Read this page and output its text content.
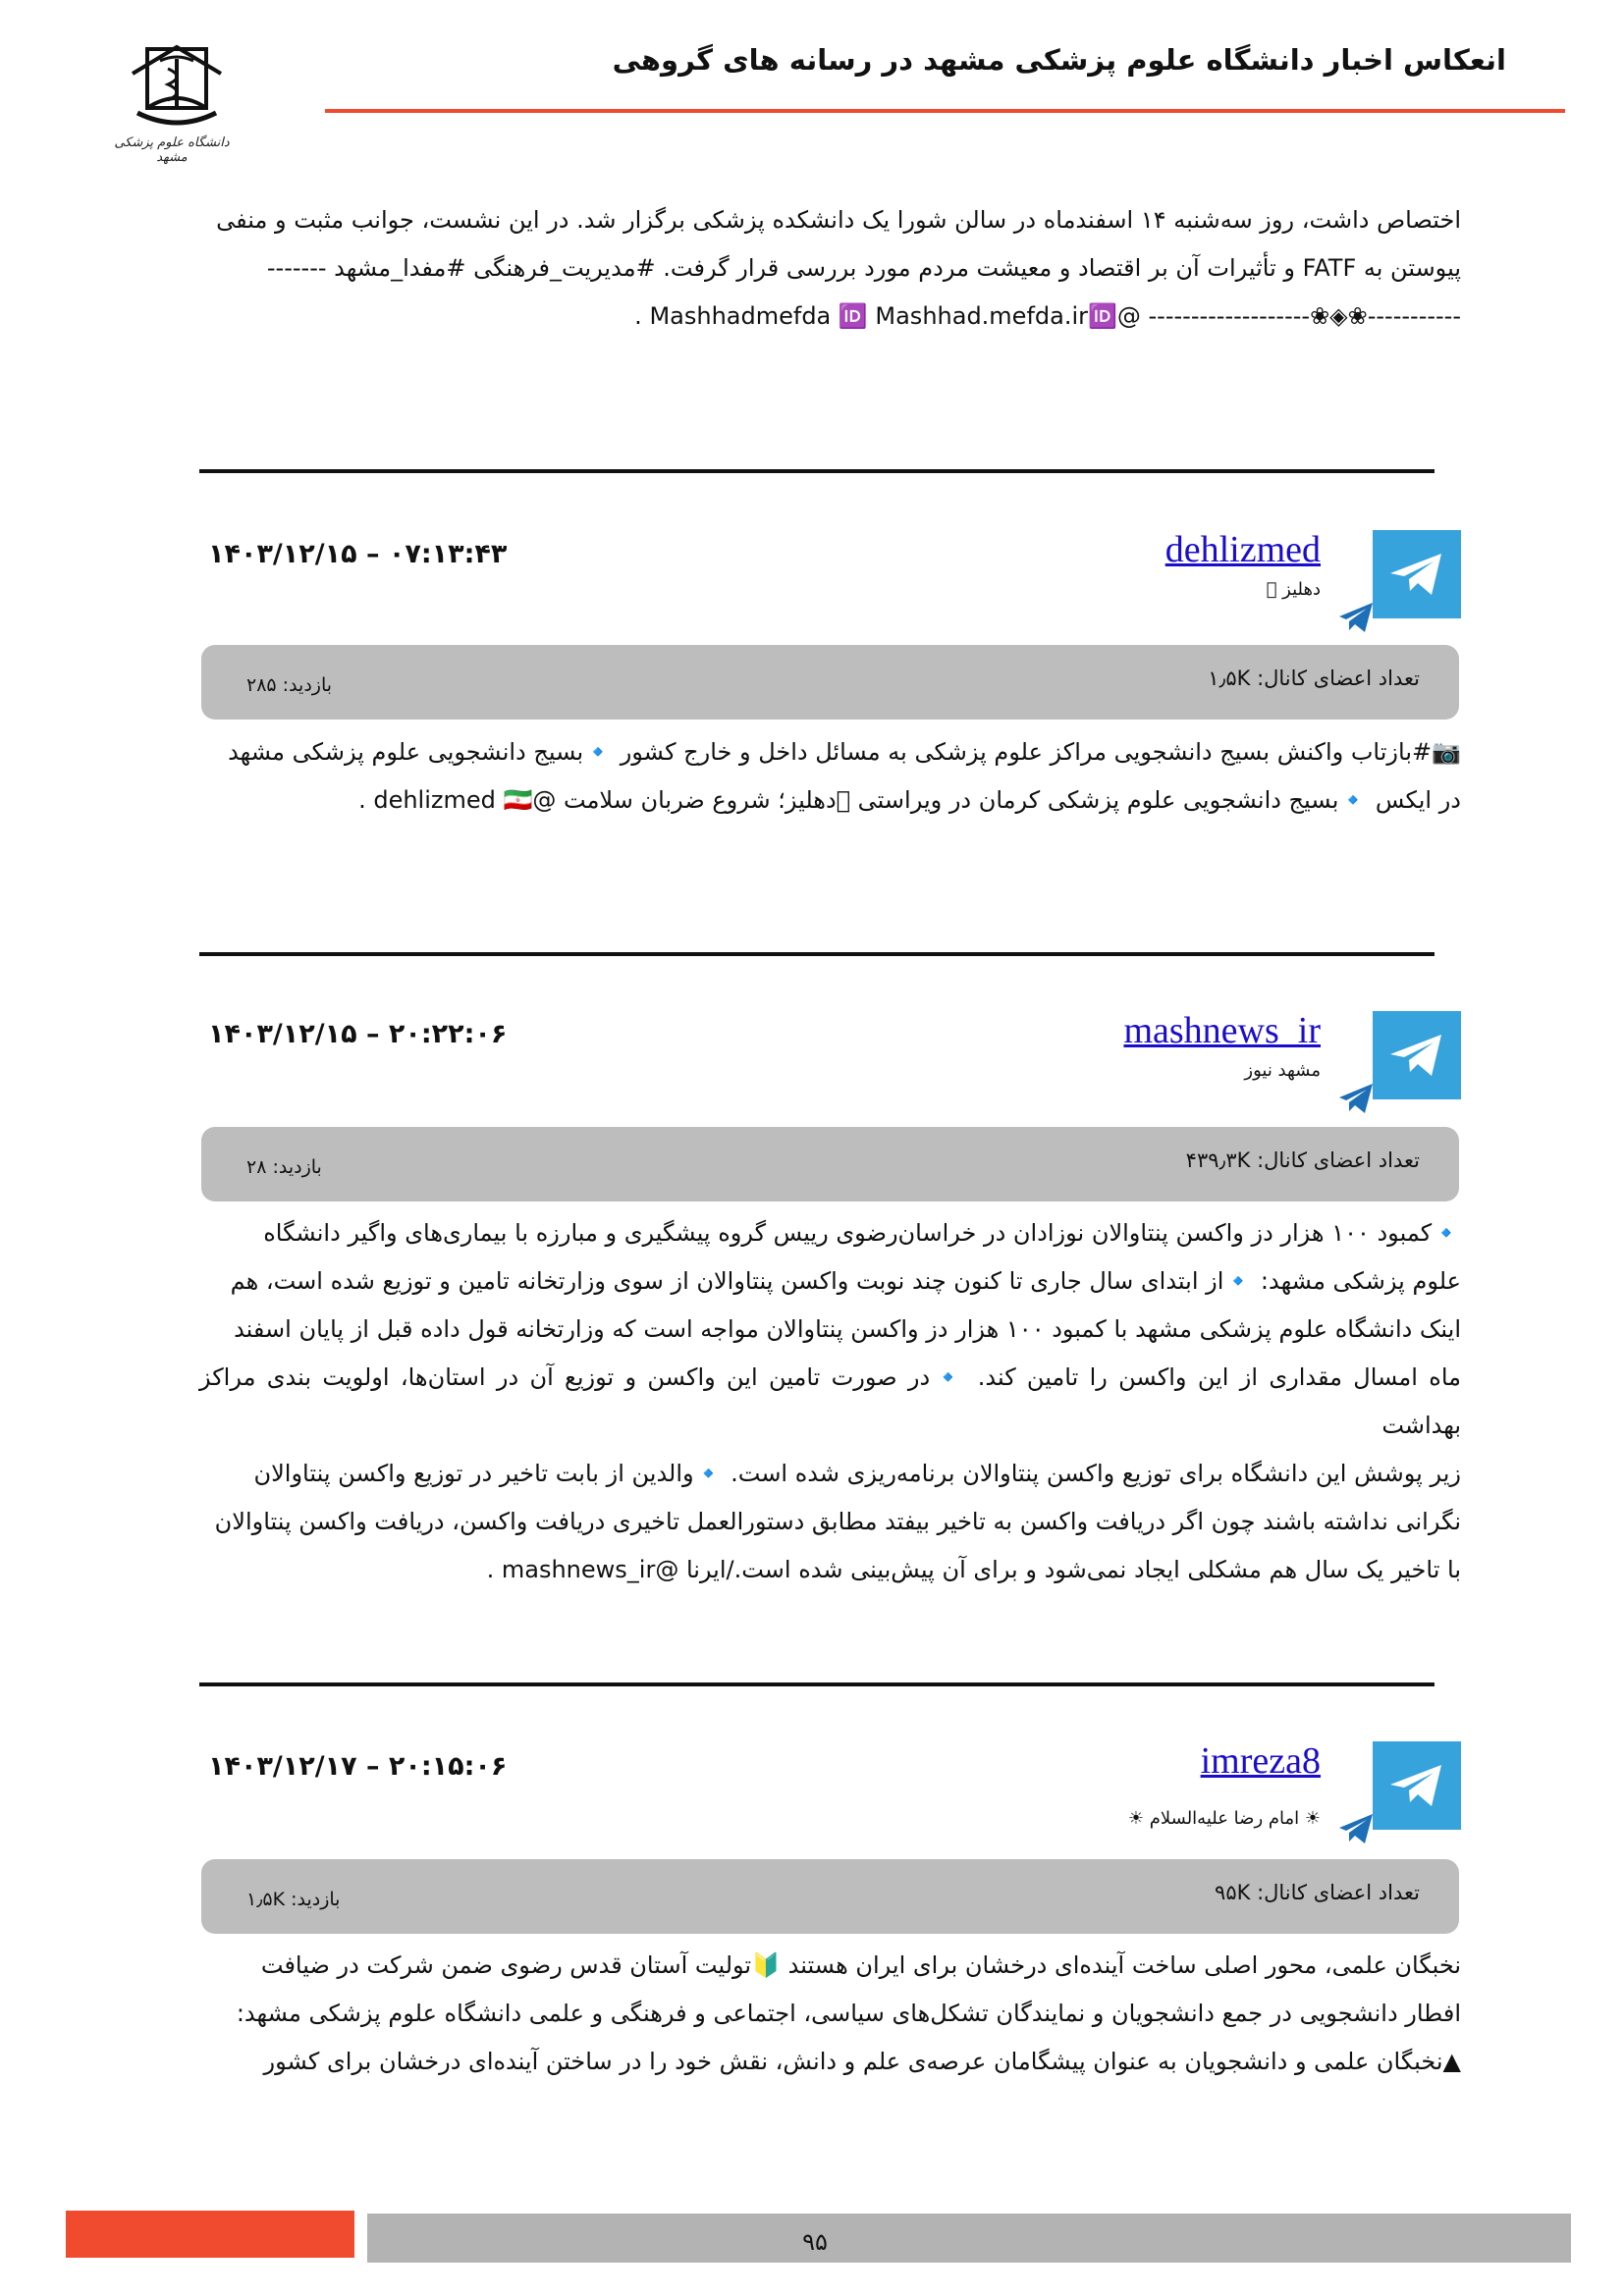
انعکاس اخبار دانشگاه علوم پزشکی مشهد در رسانه های گروهی
دانشگاه علوم پزشکی مشهد
اختصاص داشت، روز سه‌شنبه ۱۴ اسفندماه در سالن شورا یک دانشکده پزشکی برگزار شد. در این نشست، جوانب مثبت و منفی
پیوستن به FATF و تأثیرات آن بر اقتصاد و معیشت مردم مورد بررسی قرار گرفت. #مدیریت_فرهنگی #مفدا_مشهد -------
-----------❀◈❀------------------- @Mashhadmefda 🆔 Mashhad.mefda.ir🆔 .
dehlizmed
دهلیز ⃞
۱۴۰۳/۱۲/۱۵ – ۰۷:۱۳:۴۳
تعداد اعضای کانال: ۱٫۵K
بازدید: ۲۸۵
📷#بازتاب واکنش بسیج دانشجویی مراکز علوم پزشکی به مسائل داخل و خارج کشور 🔹بسیج دانشجویی علوم پزشکی مشهد
در ایکس 🔹بسیج دانشجویی علوم پزشکی کرمان در ویراستی ⃞دهلیز؛ شروع ضربان سلامت @dehlizmed 🇮🇷 .
mashnews_ir
مشهد نیوز
۱۴۰۳/۱۲/۱۵ – ۲۰:۲۲:۰۶
تعداد اعضای کانال: ۴۳۹٫۳K
بازدید: ۲۸
🔹کمبود ۱۰۰ هزار دز واکسن پنتاوالان نوزادان در خراسان‌رضوی رییس گروه پیشگیری و مبارزه با بیماری‌های واگیر دانشگاه
علوم پزشکی مشهد: 🔹از ابتدای سال جاری تا کنون چند نوبت واکسن پنتاوالان از سوی وزارتخانه تامین و توزیع شده است، هم
اینک دانشگاه علوم پزشکی مشهد با کمبود ۱۰۰ هزار دز واکسن پنتاوالان مواجه است که وزارتخانه قول داده قبل از پایان اسفند
ماه امسال مقداری از این واکسن را تامین کند. 🔹در صورت تامین این واکسن و توزیع آن در استان‌ها، اولویت بندی مراکز بهداشت
زیر پوشش این دانشگاه برای توزیع واکسن پنتاوالان برنامه‌ریزی شده است. 🔹والدین از بابت تاخیر در توزیع واکسن پنتاوالان
نگرانی نداشته باشند چون اگر دریافت واکسن به تاخیر بیفتد مطابق دستورالعمل تاخیری دریافت واکسن، دریافت واکسن پنتاوالان
با تاخیر یک سال هم مشکلی ایجاد نمی‌شود و برای آن پیش‌بینی شده است./ایرنا @mashnews_ir .
imreza8
☀ امام رضا علیه‌السلام ☀
۱۴۰۳/۱۲/۱۷ – ۲۰:۱۵:۰۶
تعداد اعضای کانال: ۹۵K
بازدید: ۱٫۵K
نخبگان علمی، محور اصلی ساخت آینده‌ای درخشان برای ایران هستند 🔰تولیت آستان قدس رضوی ضمن شرکت در ضیافت
افطار دانشجویی در جمع دانشجویان و نمایندگان تشکل‌های سیاسی، اجتماعی و فرهنگی و علمی دانشگاه علوم پزشکی مشهد:
▲نخبگان علمی و دانشجویان به عنوان پیشگامان عرصه‌ی علم و دانش، نقش خود را در ساختن آینده‌ای درخشان برای کشور
۹۵
